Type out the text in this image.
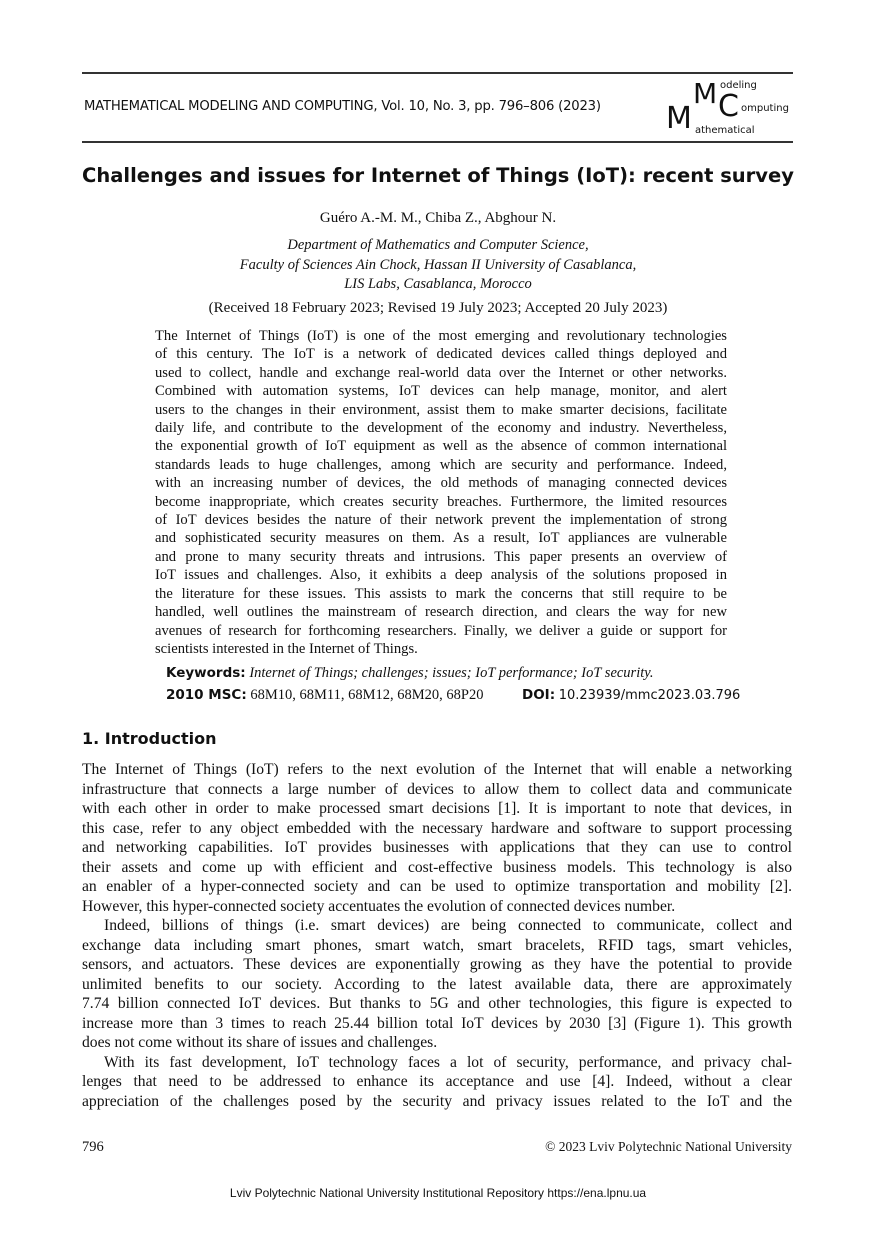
MATHEMATICAL MODELING AND COMPUTING, Vol. 10, No. 3, pp. 796–806 (2023) M
M C
odeling
omputing
athematical
Challenges and issues for Internet of Things (IoT): recent survey
Guéro A.-M. M., Chiba Z., Abghour N.
Department of Mathematics and Computer Science,
Faculty of Sciences Ain Chock, Hassan II University of Casablanca,
LIS Labs, Casablanca, Morocco
(Received 18 February 2023; Revised 19 July 2023; Accepted 20 July 2023)
The Internet of Things (IoT) is one of the most emerging and revolutionary technologies
of this century. The IoT is a network of dedicated devices called things deployed and
used to collect, handle and exchange real-world data over the Internet or other networks.
Combined with automation systems, IoT devices can help manage, monitor, and alert
users to the changes in their environment, assist them to make smarter decisions, facilitate
daily life, and contribute to the development of the economy and industry. Nevertheless,
the exponential growth of IoT equipment as well as the absence of common international
standards leads to huge challenges, among which are security and performance. Indeed,
with an increasing number of devices, the old methods of managing connected devices
become inappropriate, which creates security breaches. Furthermore, the limited resources
of IoT devices besides the nature of their network prevent the implementation of strong
and sophisticated security measures on them. As a result, IoT appliances are vulnerable
and prone to many security threats and intrusions. This paper presents an overview of
IoT issues and challenges. Also, it exhibits a deep analysis of the solutions proposed in
the literature for these issues. This assists to mark the concerns that still require to be
handled, well outlines the mainstream of research direction, and clears the way for new
avenues of research for forthcoming researchers. Finally, we deliver a guide or support for
scientists interested in the Internet of Things.
Keywords: Internet of Things; challenges; issues; IoT performance; IoT security.
2010 MSC: 68M10, 68M11, 68M12, 68M20, 68P20	DOI: 10.23939/mmc2023.03.796
1. Introduction
The Internet of Things (IoT) refers to the next evolution of the Internet that will enable a networking
infrastructure that connects a large number of devices to allow them to collect data and communicate
with each other in order to make processed smart decisions [1]. It is important to note that devices, in
this case, refer to any object embedded with the necessary hardware and software to support processing
and networking capabilities. IoT provides businesses with applications that they can use to control
their assets and come up with efficient and cost-effective business models. This technology is also
an enabler of a hyper-connected society and can be used to optimize transportation and mobility [2].
However, this hyper-connected society accentuates the evolution of connected devices number.
Indeed, billions of things (i.e. smart devices) are being connected to communicate, collect and
exchange data including smart phones, smart watch, smart bracelets, RFID tags, smart vehicles,
sensors, and actuators. These devices are exponentially growing as they have the potential to provide
unlimited benefits to our society. According to the latest available data, there are approximately
7.74 billion connected IoT devices. But thanks to 5G and other technologies, this figure is expected to
increase more than 3 times to reach 25.44 billion total IoT devices by 2030 [3] (Figure 1). This growth
does not come without its share of issues and challenges.
With its fast development, IoT technology faces a lot of security, performance, and privacy chal-
lenges that need to be addressed to enhance its acceptance and use [4]. Indeed, without a clear
appreciation of the challenges posed by the security and privacy issues related to the IoT and the
796	© 2023 Lviv Polytechnic National University
Lviv Polytechnic National University Institutional Repository https://ena.lpnu.ua
